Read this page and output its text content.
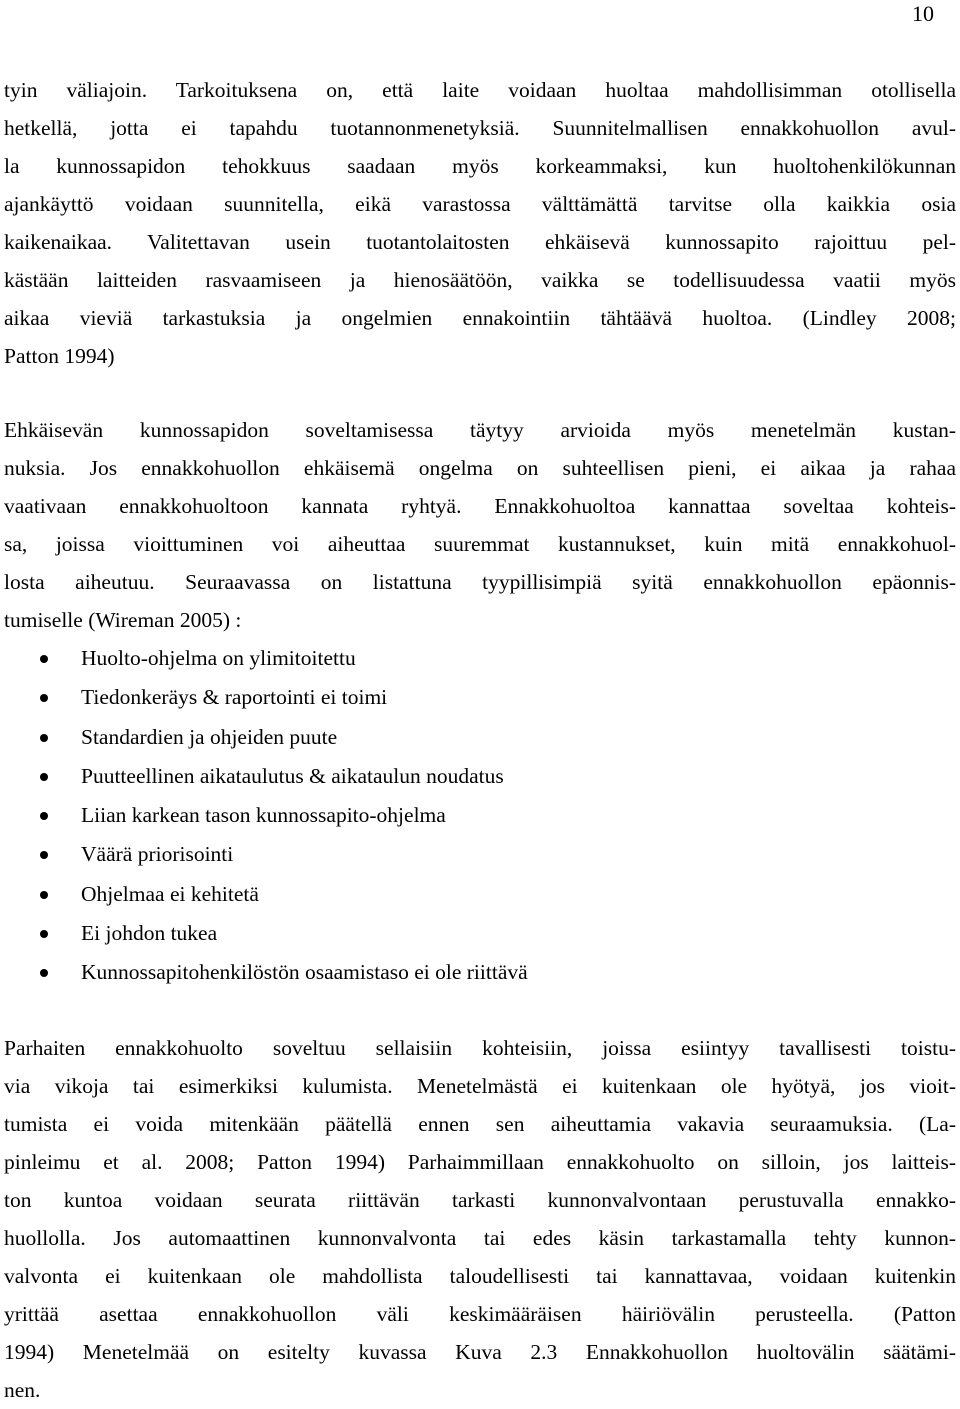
10
tyin väliajoin. Tarkoituksena on, että laite voidaan huoltaa mahdollisimman otollisella
hetkellä, jotta ei tapahdu tuotannonmenetyksiä. Suunnitelmallisen ennakkohuollon avul-
la kunnossapidon tehokkuus saadaan myös korkeammaksi, kun huoltohenkilökunnan
ajankäyttö voidaan suunnitella, eikä varastossa välttämättä tarvitse olla kaikkia osia
kaikenaikaa. Valitettavan usein tuotantolaitosten ehkäisevä kunnossapito rajoittuu pel-
kästään laitteiden rasvaamiseen ja hienosäätöön, vaikka se todellisuudessa vaatii myös
aikaa vieviä tarkastuksia ja ongelmien ennakointiin tähtäävä huoltoa. (Lindley 2008;
Patton 1994)
Ehkäisevän kunnossapidon soveltamisessa täytyy arvioida myös menetelmän kustan-
nuksia. Jos ennakkohuollon ehkäisemä ongelma on suhteellisen pieni, ei aikaa ja rahaa
vaativaan ennakkohuoltoon kannata ryhtyä. Ennakkohuoltoa kannattaa soveltaa kohteis-
sa, joissa vioittuminen voi aiheuttaa suuremmat kustannukset, kuin mitä ennakkohuol-
losta aiheutuu. Seuraavassa on listattuna tyypillisimpiä syitä ennakkohuollon epäonnis-
tumiselle (Wireman 2005) :
Huolto-ohjelma on ylimitoitettu
Tiedonkeräys & raportointi ei toimi
Standardien ja ohjeiden puute
Puutteellinen aikataulutus & aikataulun noudatus
Liian karkean tason kunnossapito-ohjelma
Väärä priorisointi
Ohjelmaa ei kehitetä
Ei johdon tukea
Kunnossapitohenkilöstön osaamistaso ei ole riittävä
Parhaiten ennakkohuolto soveltuu sellaisiin kohteisiin, joissa esiintyy tavallisesti toistu-
via vikoja tai esimerkiksi kulumista. Menetelmästä ei kuitenkaan ole hyötyä, jos vioit-
tumista ei voida mitenkään päätellä ennen sen aiheuttamia vakavia seuraamuksia. (La-
pinleimu et al. 2008; Patton 1994) Parhaimmillaan ennakkohuolto on silloin, jos laitteis-
ton kuntoa voidaan seurata riittävän tarkasti kunnonvalvontaan perustuvalla ennakko-
huollolla. Jos automaattinen kunnonvalvonta tai edes käsin tarkastamalla tehty kunnon-
valvonta ei kuitenkaan ole mahdollista taloudellisesti tai kannattavaa, voidaan kuitenkin
yrittää asettaa ennakkohuollon väli keskimääräisen häiriövälin perusteella. (Patton
1994) Menetelmää on esitelty kuvassa Kuva 2.3 Ennakkohuollon huoltovälin säätämi-
nen.
